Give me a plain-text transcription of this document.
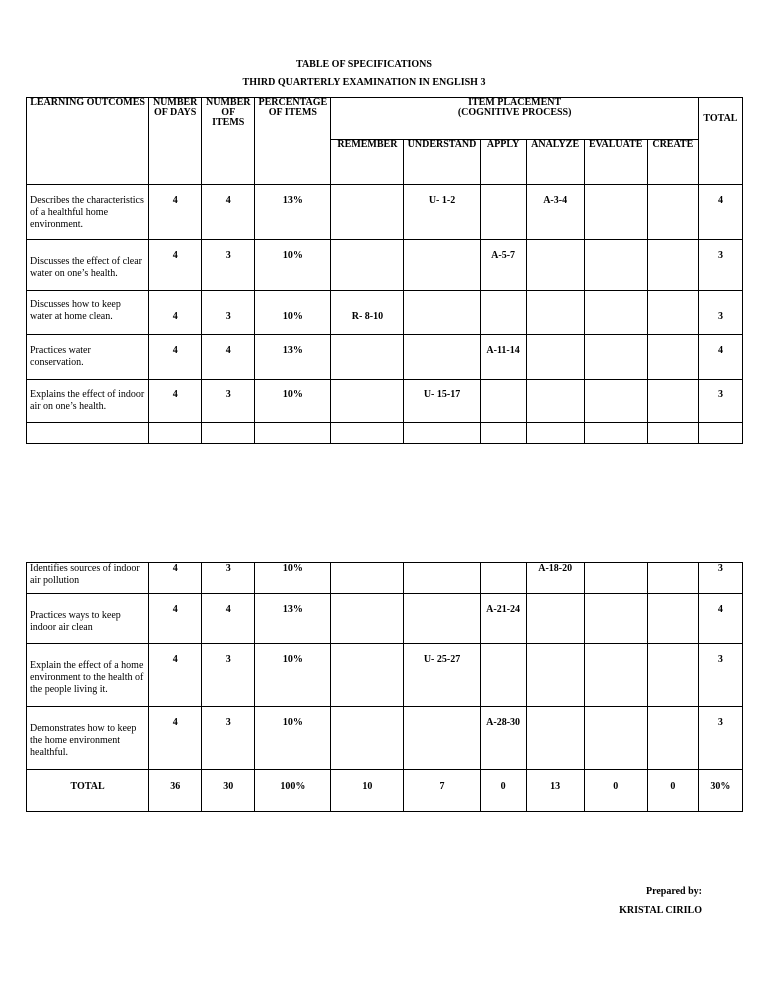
TABLE OF SPECIFICATIONS
THIRD QUARTERLY EXAMINATION IN ENGLISH 3
LEARNING OUTCOMES	NUMBER OF DAYS	NUMBER OF ITEMS	PERCENTAGE OF ITEMS	ITEM PLACEMENT
(COGNITIVE PROCESS)						TOTAL
				REMEMBER	UNDERSTAND	APPLY	ANALYZE	EVALUATE	CREATE	
Describes the characteristics of a healthful home environment.	4	4	13%		U- 1-2		A-3-4			4
Discusses the effect of clear water on one’s health.	4	3	10%			A-5-7				3
Discusses how to keep water at home clean.	4	3	10%	R- 8-10						3
Practices water conservation.	4	4	13%			A-11-14				4
Explains the effect of indoor air on one’s health.	4	3	10%		U- 15-17					3

Identifies sources of indoor air pollution	4	3	10%				A-18-20			3
Practices ways to keep indoor air clean	4	4	13%			A-21-24				4
Explain the effect of a home environment to the health of the people living it.	4	3	10%		U- 25-27					3
Demonstrates how to keep the home environment healthful.	4	3	10%			A-28-30				3
TOTAL	36	30	100%	10	7	0	13	0	0	30%
Prepared by:
KRISTAL CIRILO
